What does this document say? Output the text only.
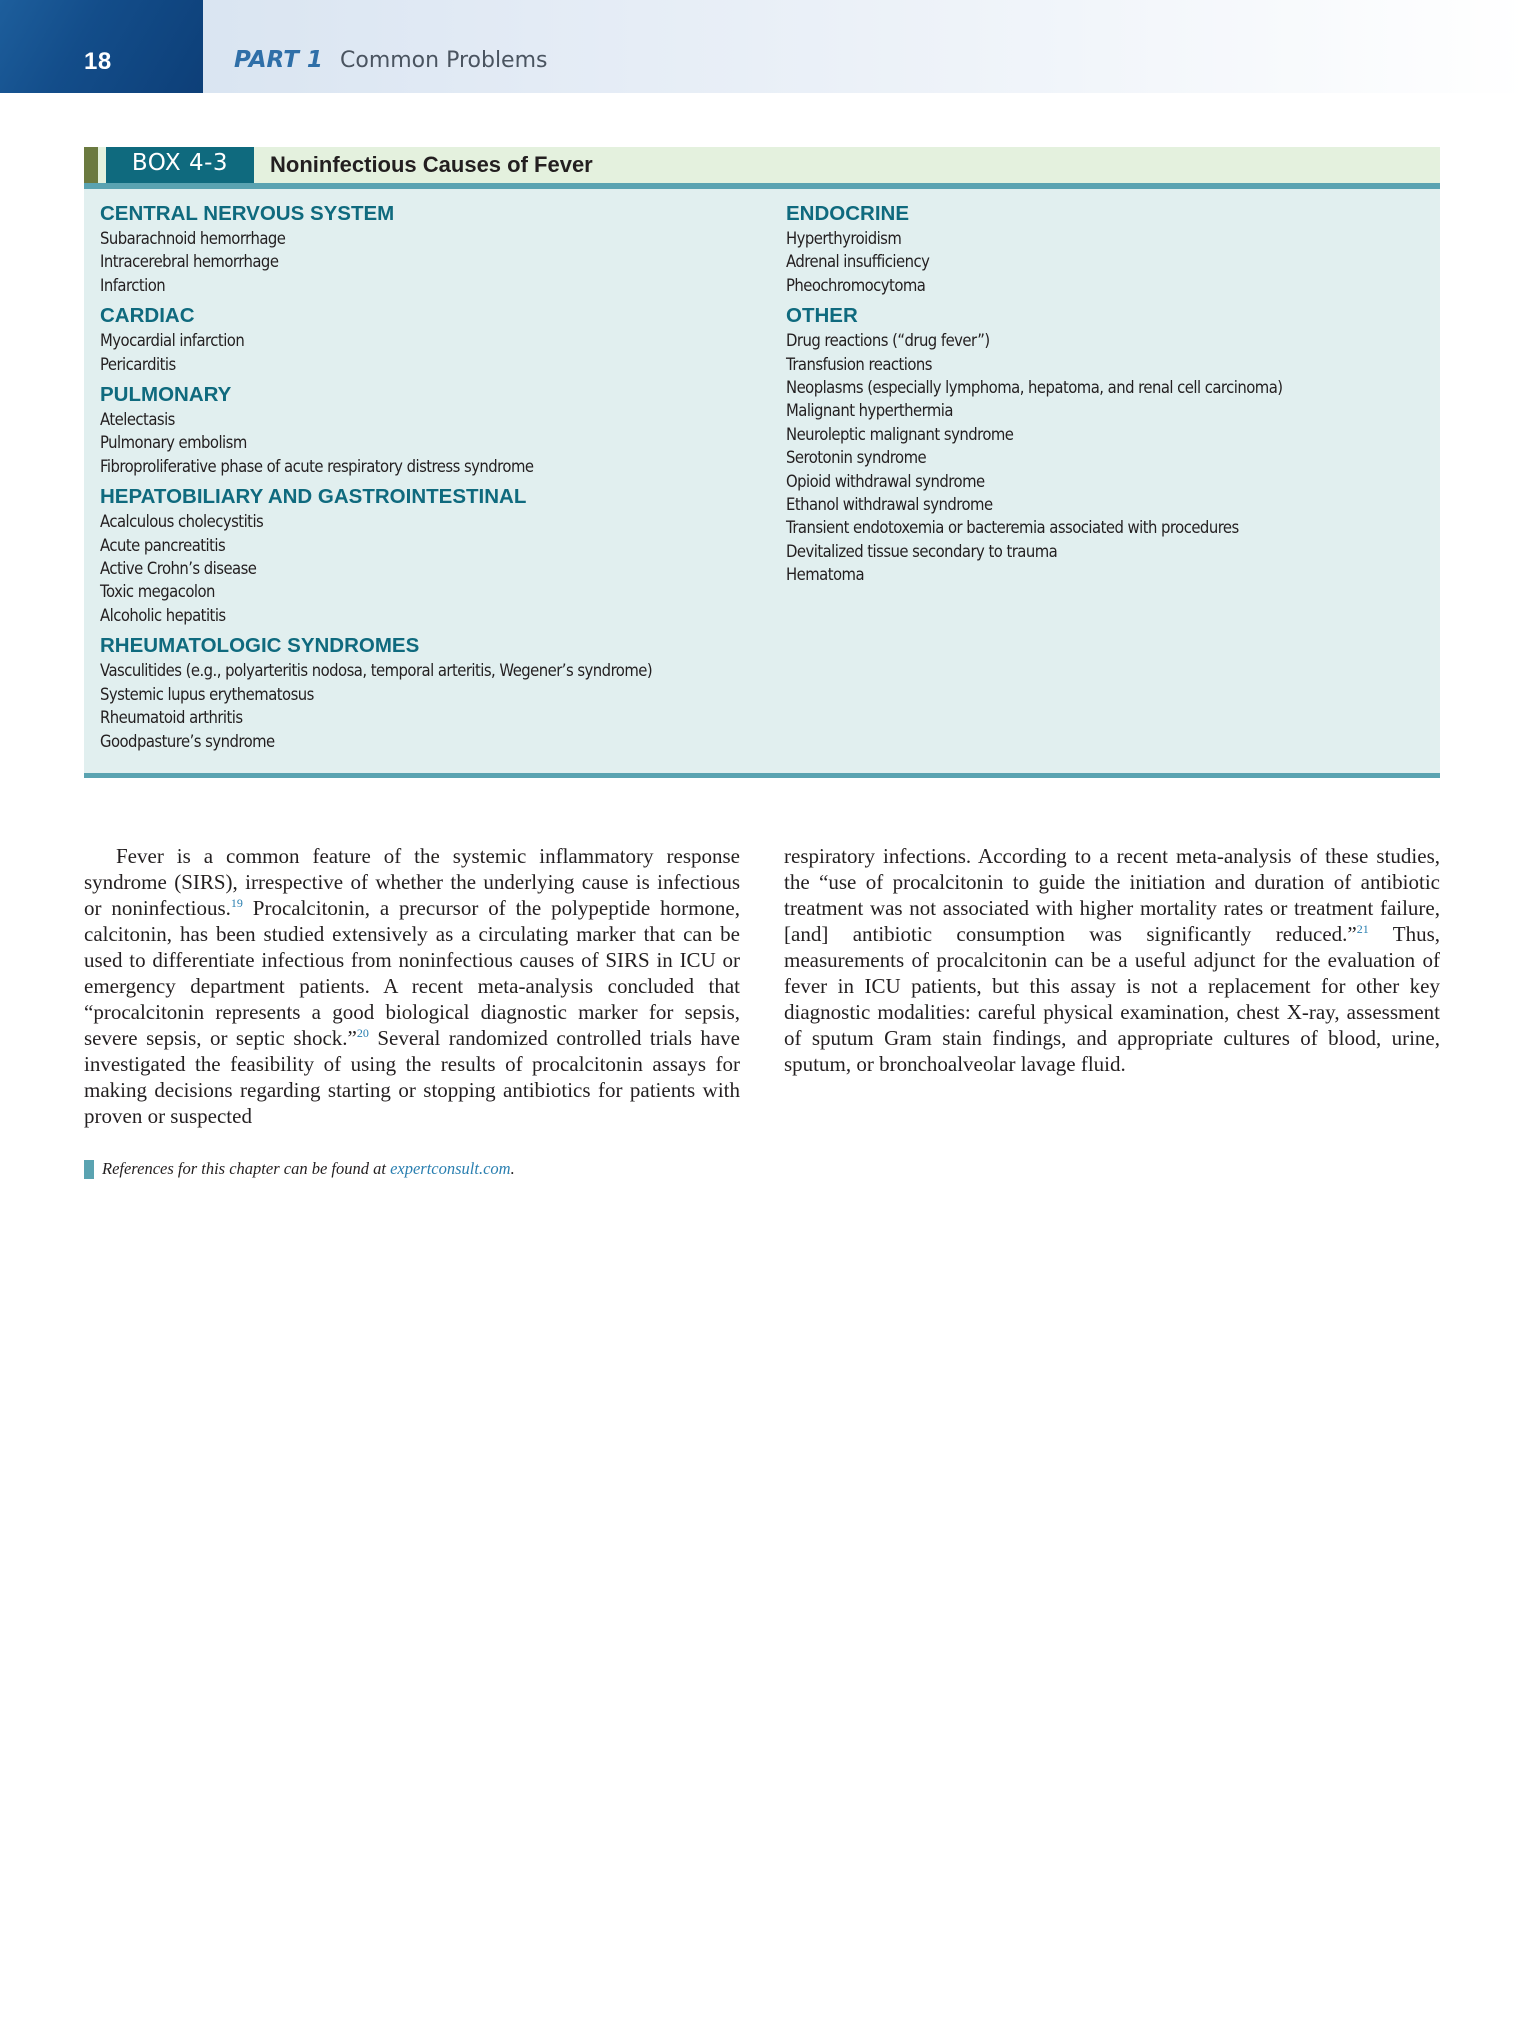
18	PART 1 Common Problems
BOX 4-3	Noninfectious Causes of Fever
CENTRAL NERVOUS SYSTEM
Subarachnoid hemorrhage
Intracerebral hemorrhage
Infarction
CARDIAC
Myocardial infarction
Pericarditis
PULMONARY
Atelectasis
Pulmonary embolism
Fibroproliferative phase of acute respiratory distress syndrome
HEPATOBILIARY AND GASTROINTESTINAL
Acalculous cholecystitis
Acute pancreatitis
Active Crohn’s disease
Toxic megacolon
Alcoholic hepatitis
RHEUMATOLOGIC SYNDROMES
Vasculitides (e.g., polyarteritis nodosa, temporal arteritis, Wegener’s syndrome)
Systemic lupus erythematosus
Rheumatoid arthritis
Goodpasture’s syndrome
ENDOCRINE
Hyperthyroidism
Adrenal insufficiency
Pheochromocytoma
OTHER
Drug reactions (“drug fever”)
Transfusion reactions
Neoplasms (especially lymphoma, hepatoma, and renal cell carcinoma)
Malignant hyperthermia
Neuroleptic malignant syndrome
Serotonin syndrome
Opioid withdrawal syndrome
Ethanol withdrawal syndrome
Transient endotoxemia or bacteremia associated with procedures
Devitalized tissue secondary to trauma
Hematoma

Fever is a common feature of the systemic inflammatory response syndrome (SIRS), irrespective of whether the underlying cause is infectious or noninfectious.$^{19}$ Procalcitonin, a precursor of the polypeptide hormone, calcitonin, has been studied extensively as a circulating marker that can be used to differentiate infectious from noninfectious causes of SIRS in ICU or emergency department patients. A recent meta-analysis concluded that “procalcitonin represents a good biological diagnostic marker for sepsis, severe sepsis, or septic shock.”$^{20}$ Several randomized controlled trials have investigated the feasibility of using the results of procalcitonin assays for making decisions regarding starting or stopping antibiotics for patients with proven or suspected

respiratory infections. According to a recent meta-analysis of these studies, the “use of procalcitonin to guide the initiation and duration of antibiotic treatment was not associated with higher mortality rates or treatment failure, [and] antibiotic consumption was significantly reduced.”$^{21}$ Thus, measurements of procalcitonin can be a useful adjunct for the evaluation of fever in ICU patients, but this assay is not a replacement for other key diagnostic modalities: careful physical examination, chest X-ray, assessment of sputum Gram stain findings, and appropriate cultures of blood, urine, sputum, or bronchoalveolar lavage fluid.

References for this chapter can be found at expertconsult.com.
